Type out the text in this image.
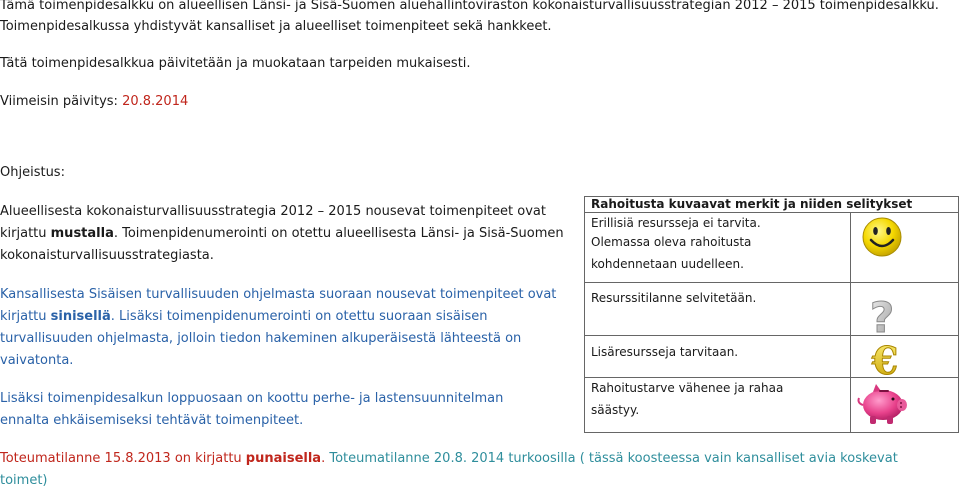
Tämä toimenpidesalkku on alueellisen Länsi- ja Sisä-Suomen aluehallintoviraston kokonaisturvallisuusstrategian 2012 – 2015 toimenpidesalkku.
Toimenpidesalkussa yhdistyvät kansalliset ja alueelliset toimenpiteet sekä hankkeet.
Tätä toimenpidesalkkua päivitetään ja muokataan tarpeiden mukaisesti.
Viimeisin päivitys: 20.8.2014
Ohjeistus:
Alueellisesta kokonaisturvallisuusstrategia 2012 – 2015 nousevat toimenpiteet ovat kirjattu mustalla. Toimenpidenumerointi on otettu alueellisesta Länsi- ja Sisä-Suomen kokonaisturvallisuusstrategiasta.
Kansallisesta Sisäisen turvallisuuden ohjelmasta suoraan nousevat toimenpiteet ovat kirjattu sinisellä. Lisäksi toimenpidenumerointi on otettu suoraan sisäisen turvallisuuden ohjelmasta, jolloin tiedon hakeminen alkuperäisestä lähteestä on vaivatonta.
Lisäksi toimenpidesalkun loppuosaan on koottu perhe- ja lastensuunnitelman ennalta ehkäisemiseksi tehtävät toimenpiteet.
Toteumatilanne 15.8.2013 on kirjattu punaisella. Toteumatilanne 20.8. 2014 turkoosilla ( tässä koosteessa vain kansalliset avia koskevat toimet)
Rahoitusta kuvaavat merkit ja niiden selitykset
Erillisiä resursseja ei tarvita.
Olemassa oleva rahoitusta
kohdennetaan uudelleen.
Resurssitilanne selvitetään.
Lisäresursseja tarvitaan.
Rahoitustarve vähenee ja rahaa
säästyy.
?
€
